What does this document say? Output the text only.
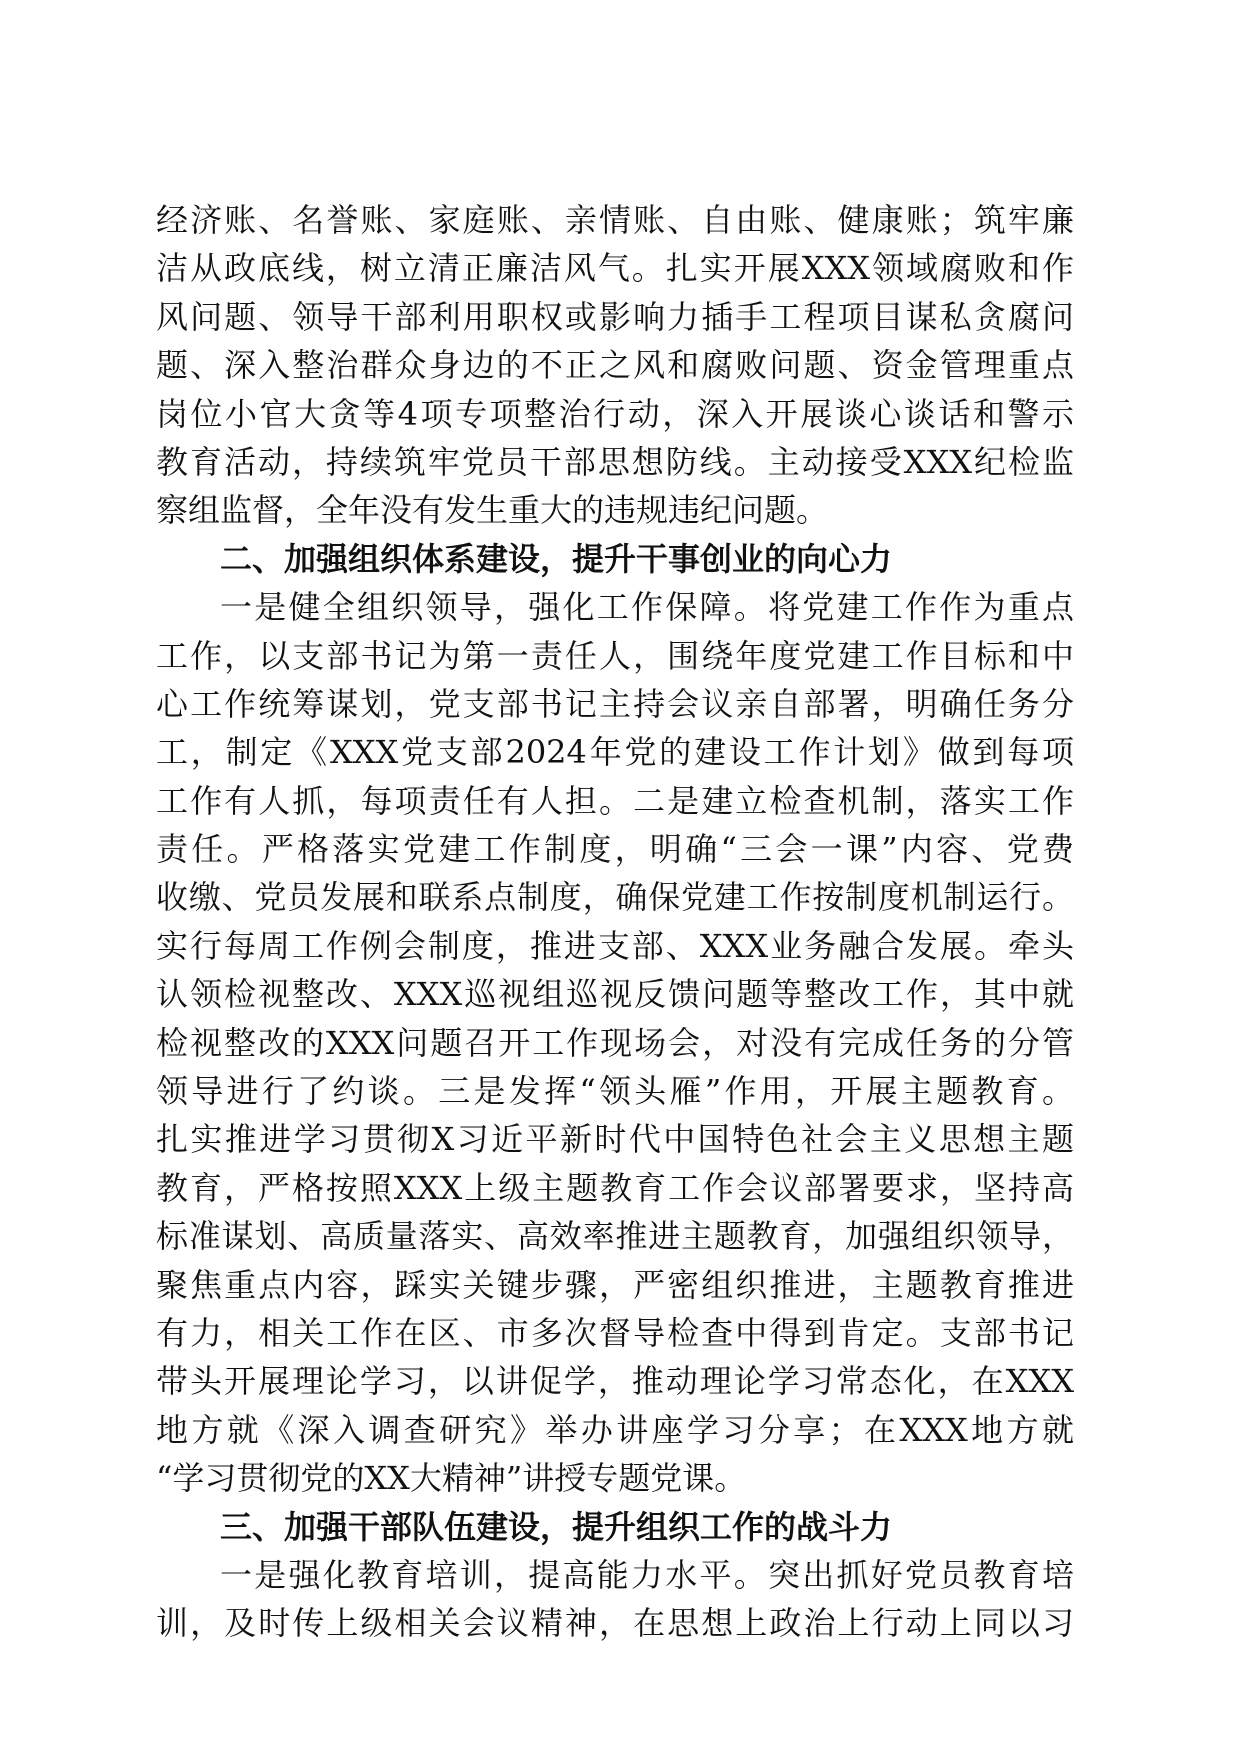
经济账、名誉账、家庭账、亲情账、自由账、健康账；筑牢廉
洁从政底线，树立清正廉洁风气。扎实开展XXX领域腐败和作
风问题、领导干部利用职权或影响力插手工程项目谋私贪腐问
题、深入整治群众身边的不正之风和腐败问题、资金管理重点
岗位小官大贪等4项专项整治行动，深入开展谈心谈话和警示
教育活动，持续筑牢党员干部思想防线。主动接受XXX纪检监
察组监督，全年没有发生重大的违规违纪问题。
二、加强组织体系建设，提升干事创业的向心力
一是健全组织领导，强化工作保障。将党建工作作为重点
工作，以支部书记为第一责任人，围绕年度党建工作目标和中
心工作统筹谋划，党支部书记主持会议亲自部署，明确任务分
工，制定《XXX党支部2024年党的建设工作计划》做到每项
工作有人抓，每项责任有人担。二是建立检查机制，落实工作
责任。严格落实党建工作制度，明确“三会一课”内容、党费
收缴、党员发展和联系点制度，确保党建工作按制度机制运行。
实行每周工作例会制度，推进支部、XXX业务融合发展。牵头
认领检视整改、XXX巡视组巡视反馈问题等整改工作，其中就
检视整改的XXX问题召开工作现场会，对没有完成任务的分管
领导进行了约谈。三是发挥“领头雁”作用，开展主题教育。
扎实推进学习贯彻X习近平新时代中国特色社会主义思想主题
教育，严格按照XXX上级主题教育工作会议部署要求，坚持高
标准谋划、高质量落实、高效率推进主题教育，加强组织领导，
聚焦重点内容，踩实关键步骤，严密组织推进，主题教育推进
有力，相关工作在区、市多次督导检查中得到肯定。支部书记
带头开展理论学习，以讲促学，推动理论学习常态化，在XXX
地方就《深入调查研究》举办讲座学习分享；在XXX地方就
“学习贯彻党的XX大精神”讲授专题党课。
三、加强干部队伍建设，提升组织工作的战斗力
一是强化教育培训，提高能力水平。突出抓好党员教育培
训，及时传上级相关会议精神，在思想上政治上行动上同以习
